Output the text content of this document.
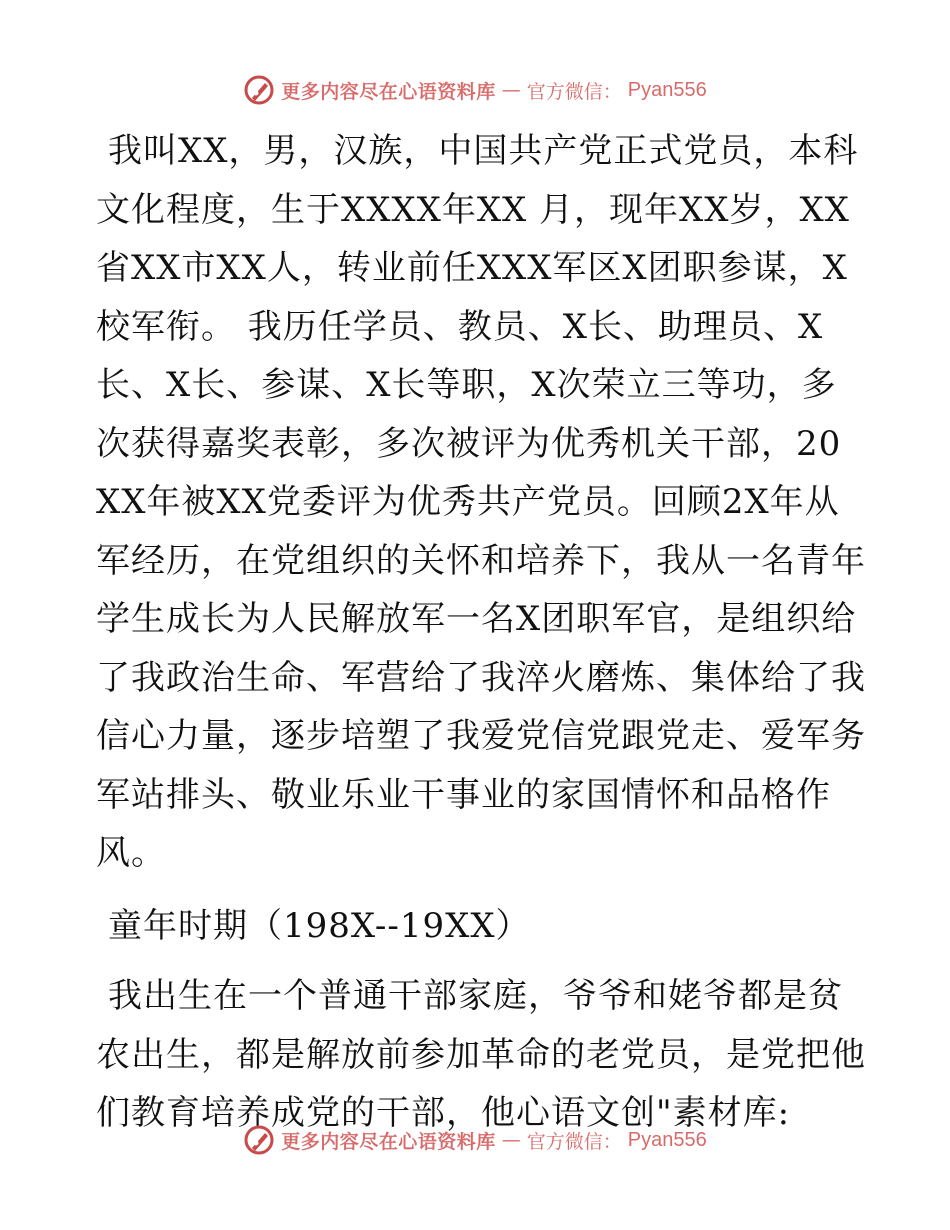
更多内容尽在心语资料库 — 官方微信： Pyan556

我叫XX，男，汉族，中国共产党正式党员，本科文化程度，生于XXXX年XX 月，现年XX岁，XX省XX市XX人，转业前任XXX军区X团职参谋，X校军衔。 我历任学员、教员、X长、助理员、X长、X长、参谋、X长等职，X次荣立三等功，多次获得嘉奖表彰，多次被评为优秀机关干部，20XX年被XX党委评为优秀共产党员。回顾2X年从军经历，在党组织的关怀和培养下，我从一名青年学生成长为人民解放军一名X团职军官，是组织给了我政治生命、军营给了我淬火磨炼、集体给了我信心力量，逐步培塑了我爱党信党跟党走、爱军务军站排头、敬业乐业干事业的家国情怀和品格作风。

童年时期（198X--19XX）

我出生在一个普通干部家庭，爷爷和姥爷都是贫农出生，都是解放前参加革命的老党员，是党把他们教育培养成党的干部，他心语文创"素材库:

更多内容尽在心语资料库 — 官方微信： Pyan556
